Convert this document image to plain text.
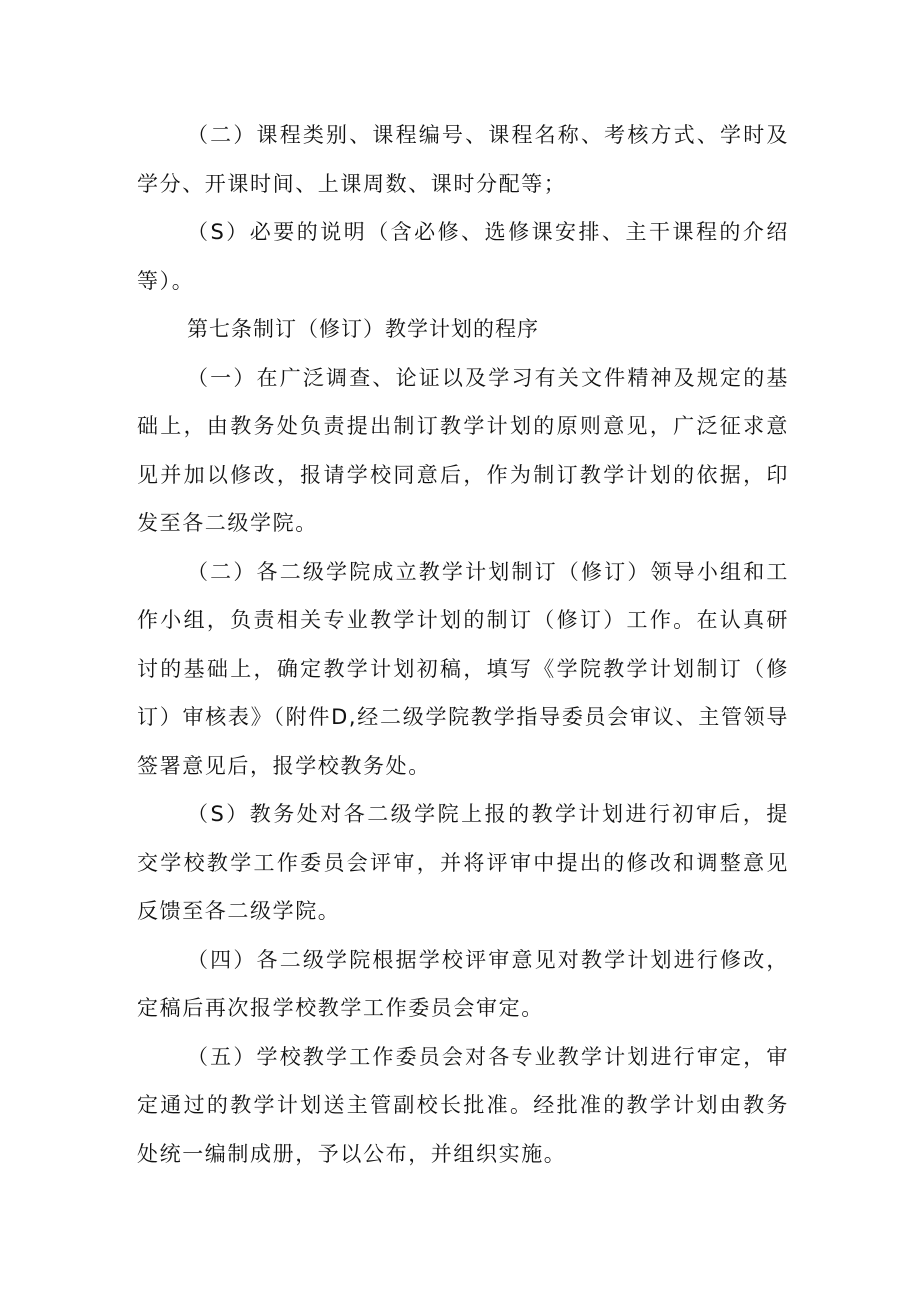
（二）课程类别、课程编号、课程名称、考核方式、学时及学分、开课时间、上课周数、课时分配等；

（S）必要的说明（含必修、选修课安排、主干课程的介绍等）。

第七条制订（修订）教学计划的程序

（一）在广泛调查、论证以及学习有关文件精神及规定的基础上，由教务处负责提出制订教学计划的原则意见，广泛征求意见并加以修改，报请学校同意后，作为制订教学计划的依据，印发至各二级学院。

（二）各二级学院成立教学计划制订（修订）领导小组和工作小组，负责相关专业教学计划的制订（修订）工作。在认真研讨的基础上，确定教学计划初稿，填写《学院教学计划制订（修订）审核表》（附件D,经二级学院教学指导委员会审议、主管领导签署意见后，报学校教务处。

（S）教务处对各二级学院上报的教学计划进行初审后，提交学校教学工作委员会评审，并将评审中提出的修改和调整意见反馈至各二级学院。

（四）各二级学院根据学校评审意见对教学计划进行修改，定稿后再次报学校教学工作委员会审定。

（五）学校教学工作委员会对各专业教学计划进行审定，审定通过的教学计划送主管副校长批准。经批准的教学计划由教务处统一编制成册，予以公布，并组织实施。
